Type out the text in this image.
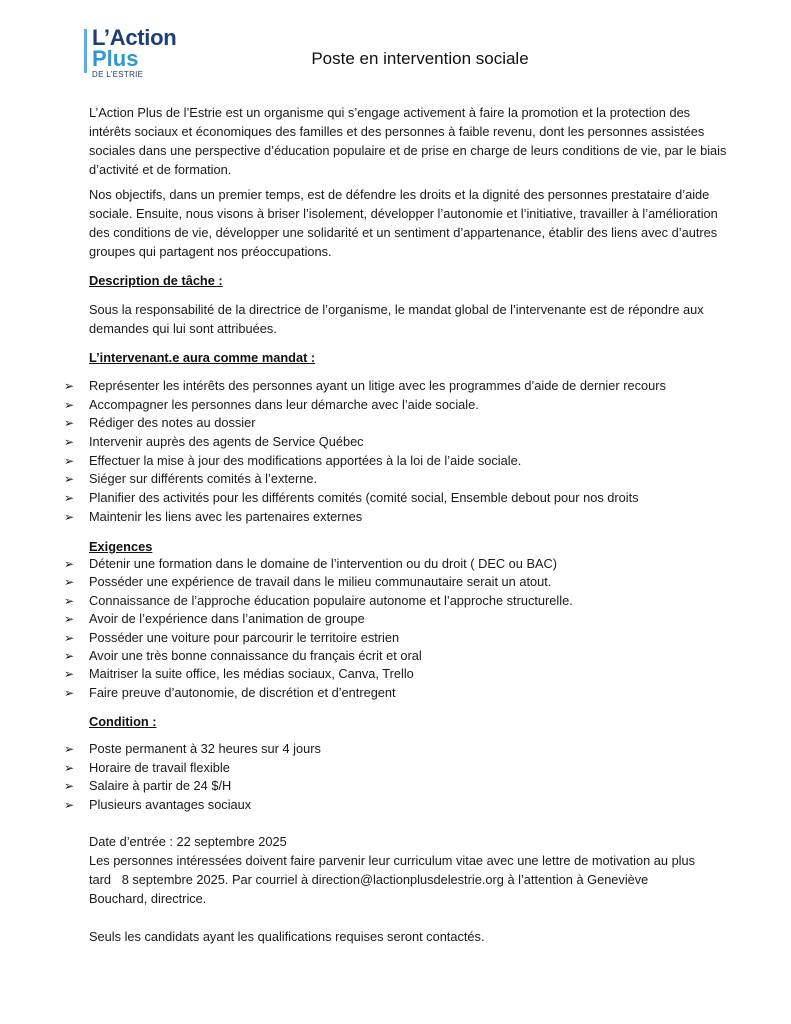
L’Action
Plus
DE L’ESTRIE
Poste en intervention sociale
L’Action Plus de l’Estrie est un organisme qui s’engage activement à faire la promotion et la protection des intérêts sociaux et économiques des familles et des personnes à faible revenu, dont les personnes assistées sociales dans une perspective d’éducation populaire et de prise en charge de leurs conditions de vie, par le biais d’activité et de formation.
Nos objectifs, dans un premier temps, est de défendre les droits et la dignité des personnes prestataire d’aide sociale. Ensuite, nous visons à briser l’isolement, développer l’autonomie et l’initiative, travailler à l’amélioration des conditions de vie, développer une solidarité et un sentiment d’appartenance, établir des liens avec d’autres groupes qui partagent nos préoccupations.
Description de tâche :
Sous la responsabilité de la directrice de l’organisme, le mandat global de l’intervenante est de répondre aux demandes qui lui sont attribuées.
L’intervenant.e aura comme mandat :
➢ Représenter les intérêts des personnes ayant un litige avec les programmes d’aide de dernier recours
➢ Accompagner les personnes dans leur démarche avec l’aide sociale.
➢ Rédiger des notes au dossier
➢ Intervenir auprès des agents de Service Québec
➢ Effectuer la mise à jour des modifications apportées à la loi de l’aide sociale.
➢ Siéger sur différents comités à l’externe.
➢ Planifier des activités pour les différents comités (comité social, Ensemble debout pour nos droits
➢ Maintenir les liens avec les partenaires externes
Exigences
➢ Détenir une formation dans le domaine de l’intervention ou du droit ( DEC ou BAC)
➢ Posséder une expérience de travail dans le milieu communautaire serait un atout.
➢ Connaissance de l’approche éducation populaire autonome et l’approche structurelle.
➢ Avoir de l’expérience dans l’animation de groupe
➢ Posséder une voiture pour parcourir le territoire estrien
➢ Avoir une très bonne connaissance du français écrit et oral
➢ Maitriser la suite office, les médias sociaux, Canva, Trello
➢ Faire preuve d’autonomie, de discrétion et d’entregent
Condition :
➢ Poste permanent à 32 heures sur 4 jours
➢ Horaire de travail flexible
➢ Salaire à partir de 24 $/H
➢ Plusieurs avantages sociaux
Date d’entrée : 22 septembre 2025
Les personnes intéressées doivent faire parvenir leur curriculum vitae avec une lettre de motivation au plus
tard   8 septembre 2025. Par courriel à direction@lactionplusdelestrie.org à l’attention à Geneviève
Bouchard, directrice.
Seuls les candidats ayant les qualifications requises seront contactés.
